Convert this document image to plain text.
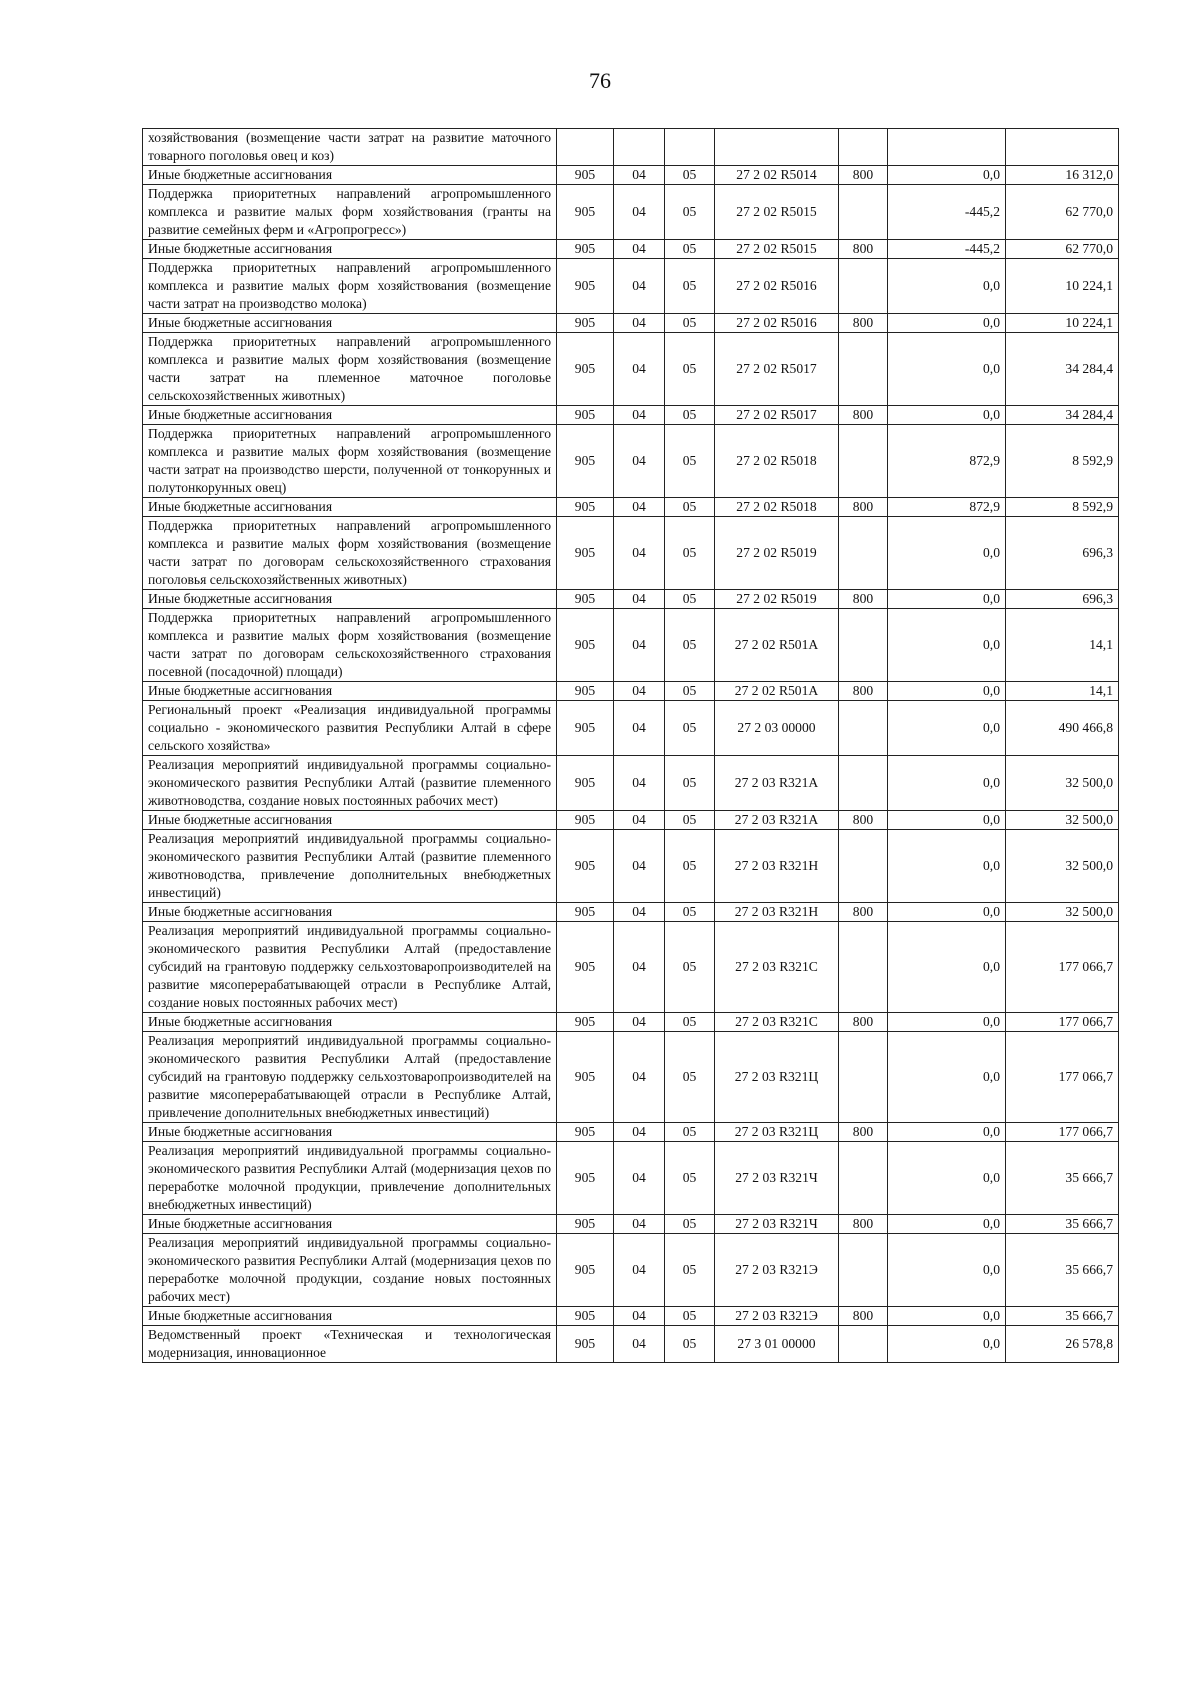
76
хозяйствования (возмещение части затрат на развитие маточного товарного поголовья овец и коз)							
Иные бюджетные ассигнования	905	04	05	27 2 02 R5014	800	0,0	16 312,0
Поддержка приоритетных направлений агропромышленного комплекса и развитие малых форм хозяйствования (гранты на развитие семейных ферм и «Агропрогресс»)	905	04	05	27 2 02 R5015		-445,2	62 770,0
Иные бюджетные ассигнования	905	04	05	27 2 02 R5015	800	-445,2	62 770,0
Поддержка приоритетных направлений агропромышленного комплекса и развитие малых форм хозяйствования (возмещение части затрат на производство молока)	905	04	05	27 2 02 R5016		0,0	10 224,1
Иные бюджетные ассигнования	905	04	05	27 2 02 R5016	800	0,0	10 224,1
Поддержка приоритетных направлений агропромышленного комплекса и развитие малых форм хозяйствования (возмещение части затрат на племенное маточное поголовье сельскохозяйственных животных)	905	04	05	27 2 02 R5017		0,0	34 284,4
Иные бюджетные ассигнования	905	04	05	27 2 02 R5017	800	0,0	34 284,4
Поддержка приоритетных направлений агропромышленного комплекса и развитие малых форм хозяйствования (возмещение части затрат на производство шерсти, полученной от тонкорунных и полутонкорунных овец)	905	04	05	27 2 02 R5018		872,9	8 592,9
Иные бюджетные ассигнования	905	04	05	27 2 02 R5018	800	872,9	8 592,9
Поддержка приоритетных направлений агропромышленного комплекса и развитие малых форм хозяйствования (возмещение части затрат по договорам сельскохозяйственного страхования поголовья сельскохозяйственных животных)	905	04	05	27 2 02 R5019		0,0	696,3
Иные бюджетные ассигнования	905	04	05	27 2 02 R5019	800	0,0	696,3
Поддержка приоритетных направлений агропромышленного комплекса и развитие малых форм хозяйствования (возмещение части затрат по договорам сельскохозяйственного страхования посевной (посадочной) площади)	905	04	05	27 2 02 R501A		0,0	14,1
Иные бюджетные ассигнования	905	04	05	27 2 02 R501A	800	0,0	14,1
Региональный проект «Реализация индивидуальной программы социально - экономического развития Республики Алтай в сфере сельского хозяйства»	905	04	05	27 2 03 00000		0,0	490 466,8
Реализация мероприятий индивидуальной программы социально-экономического развития Республики Алтай (развитие племенного животноводства, создание новых постоянных рабочих мест)	905	04	05	27 2 03 R321A		0,0	32 500,0
Иные бюджетные ассигнования	905	04	05	27 2 03 R321A	800	0,0	32 500,0
Реализация мероприятий индивидуальной программы социально-экономического развития Республики Алтай (развитие племенного животноводства, привлечение дополнительных внебюджетных инвестиций)	905	04	05	27 2 03 R321H		0,0	32 500,0
Иные бюджетные ассигнования	905	04	05	27 2 03 R321H	800	0,0	32 500,0
Реализация мероприятий индивидуальной программы социально-экономического развития Республики Алтай (предоставление субсидий на грантовую поддержку сельхозтоваропроизводителей на развитие мясоперерабатывающей отрасли в Республике Алтай, создание новых постоянных рабочих мест)	905	04	05	27 2 03 R321C		0,0	177 066,7
Иные бюджетные ассигнования	905	04	05	27 2 03 R321C	800	0,0	177 066,7
Реализация мероприятий индивидуальной программы социально-экономического развития Республики Алтай (предоставление субсидий на грантовую поддержку сельхозтоваропроизводителей на развитие мясоперерабатывающей отрасли в Республике Алтай, привлечение дополнительных внебюджетных инвестиций)	905	04	05	27 2 03 R321Ц		0,0	177 066,7
Иные бюджетные ассигнования	905	04	05	27 2 03 R321Ц	800	0,0	177 066,7
Реализация мероприятий индивидуальной программы социально-экономического развития Республики Алтай (модернизация цехов по переработке молочной продукции, привлечение дополнительных внебюджетных инвестиций)	905	04	05	27 2 03 R321Ч		0,0	35 666,7
Иные бюджетные ассигнования	905	04	05	27 2 03 R321Ч	800	0,0	35 666,7
Реализация мероприятий индивидуальной программы социально-экономического развития Республики Алтай (модернизация цехов по переработке молочной продукции, создание новых постоянных рабочих мест)	905	04	05	27 2 03 R321Э		0,0	35 666,7
Иные бюджетные ассигнования	905	04	05	27 2 03 R321Э	800	0,0	35 666,7
Ведомственный проект «Техническая и технологическая модернизация, инновационное	905	04	05	27 3 01 00000		0,0	26 578,8
